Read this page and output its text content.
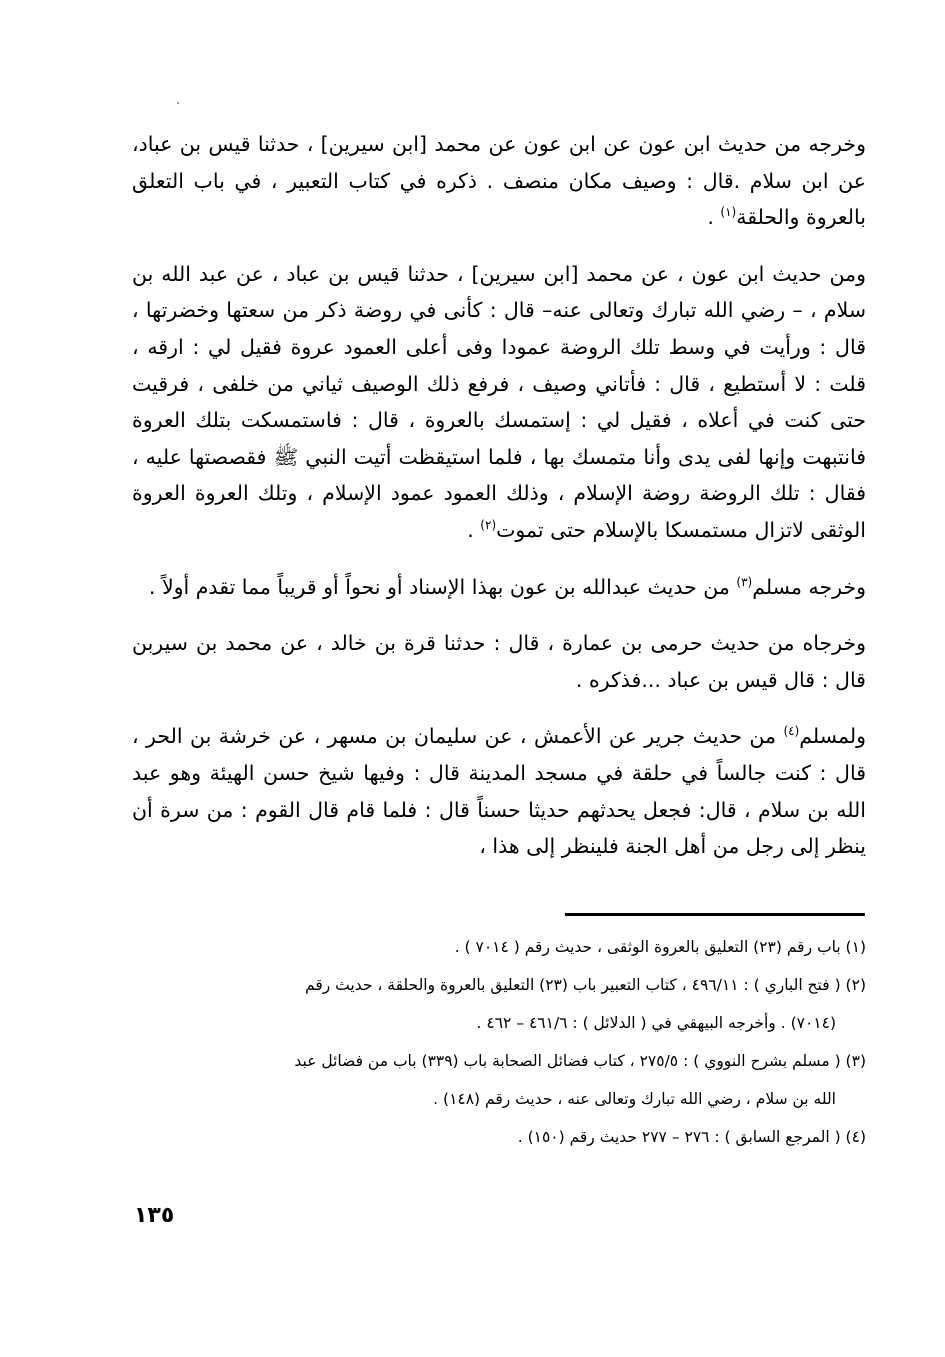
وخرجه من حديث ابن عون عن ابن عون عن محمد [ابن سيرين] ، حدثنا قيس بن عباد، عن ابن سلام .قال : وصيف مكان منصف . ذكره في كتاب التعبير ، في باب التعلق بالعروة والحلقة$^{(١)}$ .

ومن حديث ابن عون ، عن محمد [ابن سيرين] ، حدثنا قيس بن عباد ، عن عبد الله بن سلام ، – رضي الله تبارك وتعالى عنه– قال : كأنى في روضة ذكر من سعتها وخضرتها ، قال : ورأيت في وسط تلك الروضة عمودا وفى أعلى العمود عروة فقيل لي : ارقه ، قلت : لا أستطيع ، قال : فأتاني وصيف ، فرفع ذلك الوصيف ثياني من خلفى ، فرقيت حتى كنت في أعلاه ، فقيل لي : إستمسك بالعروة ، قال : فاستمسكت بتلك العروة فانتبهت وإنها لفى يدى وأنا متمسك بها ، فلما استيقظت أتيت النبي ﷺ فقصصتها عليه ، فقال : تلك الروضة روضة الإسلام ، وذلك العمود عمود الإسلام ، وتلك العروة العروة الوثقى لاتزال مستمسكا بالإسلام حتى تموت$^{(٢)}$ .

وخرجه مسلم$^{(٣)}$ من حديث عبدالله بن عون بهذا الإسناد أو نحواً أو قريباً مما تقدم أولاً .

وخرجاه من حديث حرمى بن عمارة ، قال : حدثنا قرة بن خالد ، عن محمد بن سيربن قال : قال قيس بن عباد ...فذكره .

ولمسلم$^{(٤)}$ من حديث جرير عن الأعمش ، عن سليمان بن مسهر ، عن خرشة بن الحر ، قال : كنت جالساً في حلقة في مسجد المدينة قال : وفيها شيخ حسن الهيئة وهو عبد الله بن سلام ، قال: فجعل يحدثهم حديثا حسناً قال : فلما قام قال القوم : من سرة أن ينظر إلى رجل من أهل الجنة فلينظر إلى هذا ،

(١) باب رقم (٢٣) التعليق بالعروة الوثقى ، حديث رقم ( ٧٠١٤ ) .

(٢) ( فتح الباري ) : ٤٩٦/١١ ، كتاب التعبير باب (٢٣) التعليق بالعروة والحلقة ، حديث رقم
(٧٠١٤) . وأخرجه البيهقي في ( الدلائل ) : ٤٦١/٦ – ٤٦٢ .

(٣) ( مسلم بشرح النووي ) : ٢٧٥/٥ ، كتاب فضائل الصحابة باب (٣٣٩) باب من فضائل عبد
الله بن سلام ، رضي الله تبارك وتعالى عنه ، حديث رقم (١٤٨) .

(٤) ( المرجع السابق ) : ٢٧٦ – ٢٧٧ حديث رقم (١٥٠) .

١٣٥
